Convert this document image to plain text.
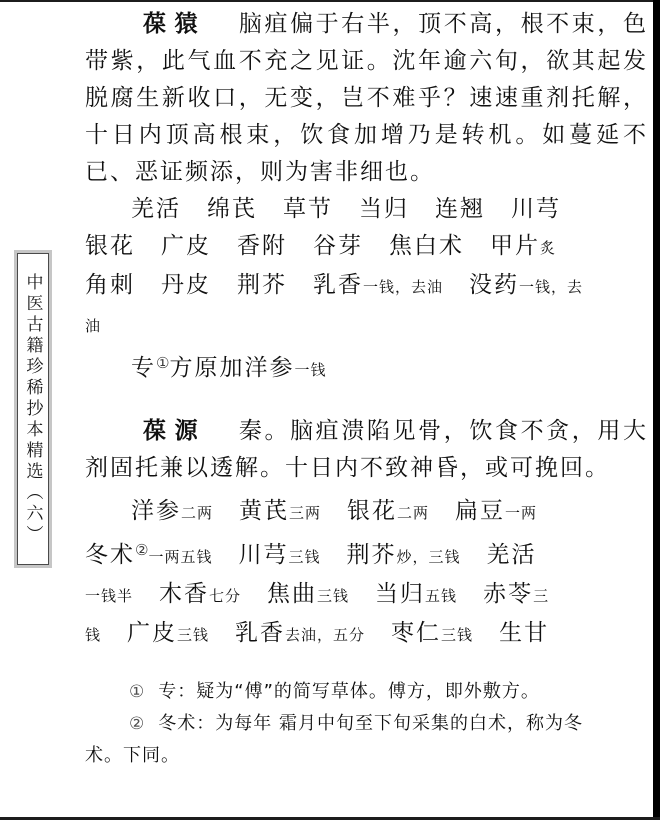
中医古籍珍稀抄本精选（六）

葆猿 脑疽偏于右半，顶不高，根不束，色带紫，此气血不充之见证。沈年逾六旬，欲其起发脱腐生新收口，无变，岂不难乎？速速重剂托解，十日内顶高根束，饮食加增乃是转机。如蔓延不已、恶证频添，则为害非细也。

羌活 绵芪 草节 当归 连翘 川芎
银花 广皮 香附 谷芽 焦白术 甲片炙
角刺 丹皮 荆芥 乳香一钱，去油 没药一钱，去
油
专①方原加洋参一钱

葆源 秦。脑疽溃陷见骨，饮食不贪，用大剂固托兼以透解。十日内不致神昏，或可挽回。

洋参二两 黄芪三两 银花二两 扁豆一两
冬术②一两五钱 川芎三钱 荆芥炒，三钱 羌活
一钱半 木香七分 焦曲三钱 当归五钱 赤苓三
钱 广皮三钱 乳香去油，五分 枣仁三钱 生甘
① 专：疑为“傅”的简写草体。傅方，即外敷方。
② 冬术：为每年 霜月中旬至下旬采集的白术，称为冬
术。下同。
